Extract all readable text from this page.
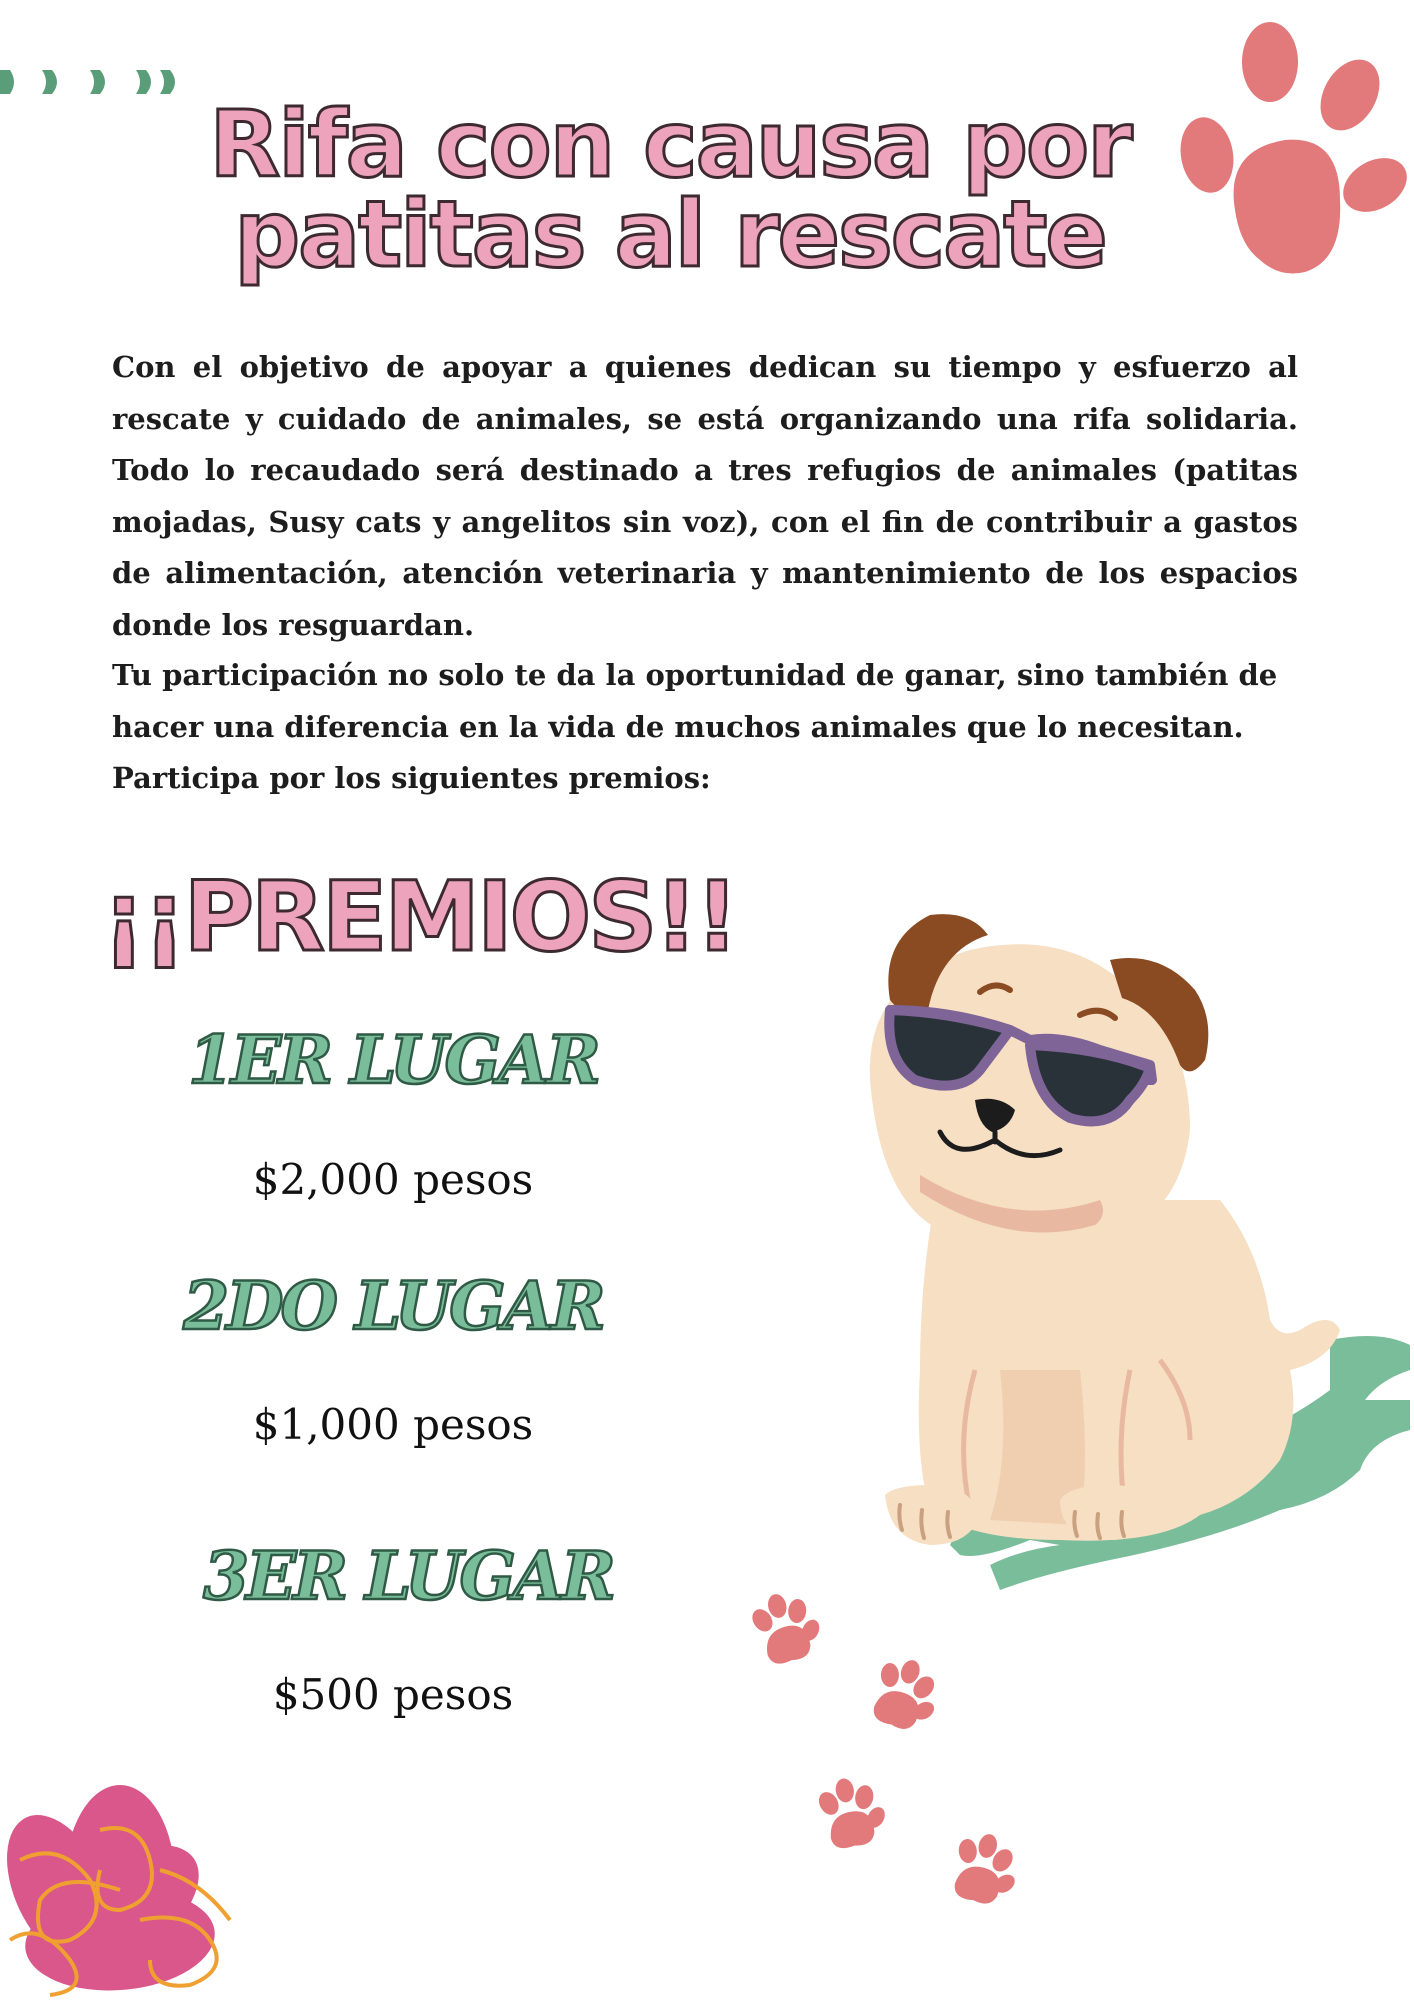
Rifa con causa por patitas al rescate

Con el objetivo de apoyar a quienes dedican su tiempo y esfuerzo al rescate y cuidado de animales, se está organizando una rifa solidaria. Todo lo recaudado será destinado a tres refugios de animales (patitas mojadas, Susy cats y angelitos sin voz), con el fin de contribuir a gastos de alimentación, atención veterinaria y mantenimiento de los espacios donde los resguardan.

Tu participación no solo te da la oportunidad de ganar, sino también de hacer una diferencia en la vida de muchos animales que lo necesitan. Participa por los siguientes premios:

¡¡PREMIOS!!
1ER LUGAR

$2,000 pesos

2DO LUGAR

$1,000 pesos

3ER LUGAR

$500 pesos
